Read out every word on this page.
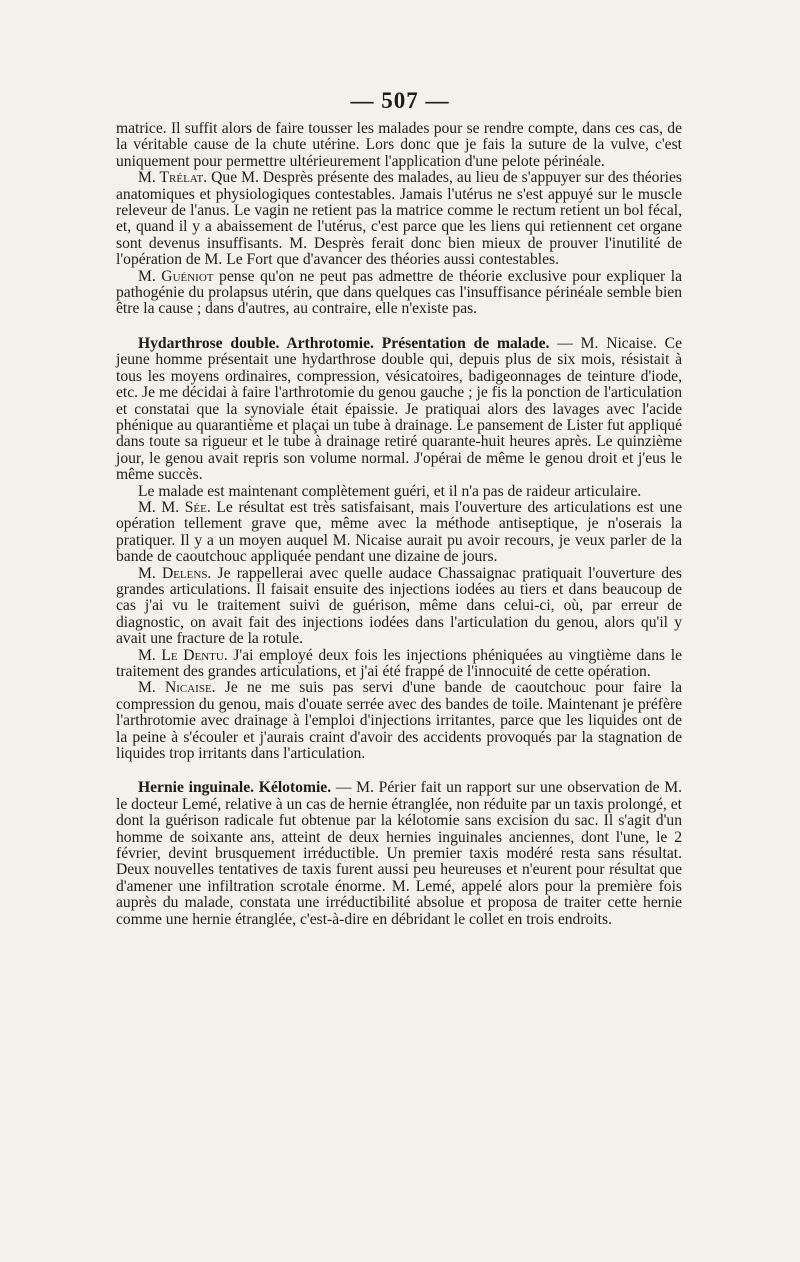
— 507 —

matrice. Il suffit alors de faire tousser les malades pour se rendre compte, dans ces cas, de la véritable cause de la chute utérine. Lors donc que je fais la suture de la vulve, c'est uniquement pour permettre ultérieurement l'application d'une pelote périnéale.

M. Trélat. Que M. Desprès présente des malades, au lieu de s'appuyer sur des théories anatomiques et physiologiques contestables. Jamais l'utérus ne s'est appuyé sur le muscle releveur de l'anus. Le vagin ne retient pas la matrice comme le rectum retient un bol fécal, et, quand il y a abaissement de l'utérus, c'est parce que les liens qui retiennent cet organe sont devenus insuffisants. M. Desprès ferait donc bien mieux de prouver l'inutilité de l'opération de M. Le Fort que d'avancer des théories aussi contestables.

M. Guéniot pense qu'on ne peut pas admettre de théorie exclusive pour expliquer la pathogénie du prolapsus utérin, que dans quelques cas l'insuffisance périnéale semble bien être la cause ; dans d'autres, au contraire, elle n'existe pas.

Hydarthrose double. Arthrotomie. Présentation de malade. — M. Nicaise. Ce jeune homme présentait une hydarthrose double qui, depuis plus de six mois, résistait à tous les moyens ordinaires, compression, vésicatoires, badigeonnages de teinture d'iode, etc. Je me décidai à faire l'arthrotomie du genou gauche ; je fis la ponction de l'articulation et constatai que la synoviale était épaissie. Je pratiquai alors des lavages avec l'acide phénique au quarantième et plaçai un tube à drainage. Le pansement de Lister fut appliqué dans toute sa rigueur et le tube à drainage retiré quarante-huit heures après. Le quinzième jour, le genou avait repris son volume normal. J'opérai de même le genou droit et j'eus le même succès.

Le malade est maintenant complètement guéri, et il n'a pas de raideur articulaire.

M. M. Sée. Le résultat est très satisfaisant, mais l'ouverture des articulations est une opération tellement grave que, même avec la méthode antiseptique, je n'oserais la pratiquer. Il y a un moyen auquel M. Nicaise aurait pu avoir recours, je veux parler de la bande de caoutchouc appliquée pendant une dizaine de jours.

M. Delens. Je rappellerai avec quelle audace Chassaignac pratiquait l'ouverture des grandes articulations. Il faisait ensuite des injections iodées au tiers et dans beaucoup de cas j'ai vu le traitement suivi de guérison, même dans celui-ci, où, par erreur de diagnostic, on avait fait des injections iodées dans l'articulation du genou, alors qu'il y avait une fracture de la rotule.

M. Le Dentu. J'ai employé deux fois les injections phéniquées au vingtième dans le traitement des grandes articulations, et j'ai été frappé de l'innocuité de cette opération.

M. Nicaise. Je ne me suis pas servi d'une bande de caoutchouc pour faire la compression du genou, mais d'ouate serrée avec des bandes de toile. Maintenant je préfère l'arthrotomie avec drainage à l'emploi d'injections irritantes, parce que les liquides ont de la peine à s'écouler et j'aurais craint d'avoir des accidents provoqués par la stagnation de liquides trop irritants dans l'articulation.

Hernie inguinale. Kélotomie. — M. Périer fait un rapport sur une observation de M. le docteur Lemé, relative à un cas de hernie étranglée, non réduite par un taxis prolongé, et dont la guérison radicale fut obtenue par la kélotomie sans excision du sac. Il s'agit d'un homme de soixante ans, atteint de deux hernies inguinales anciennes, dont l'une, le 2 février, devint brusquement irréductible. Un premier taxis modéré resta sans résultat. Deux nouvelles tentatives de taxis furent aussi peu heureuses et n'eurent pour résultat que d'amener une infiltration scrotale énorme. M. Lemé, appelé alors pour la première fois auprès du malade, constata une irréductibilité absolue et proposa de traiter cette hernie comme une hernie étranglée, c'est-à-dire en débridant le collet en trois endroits.
